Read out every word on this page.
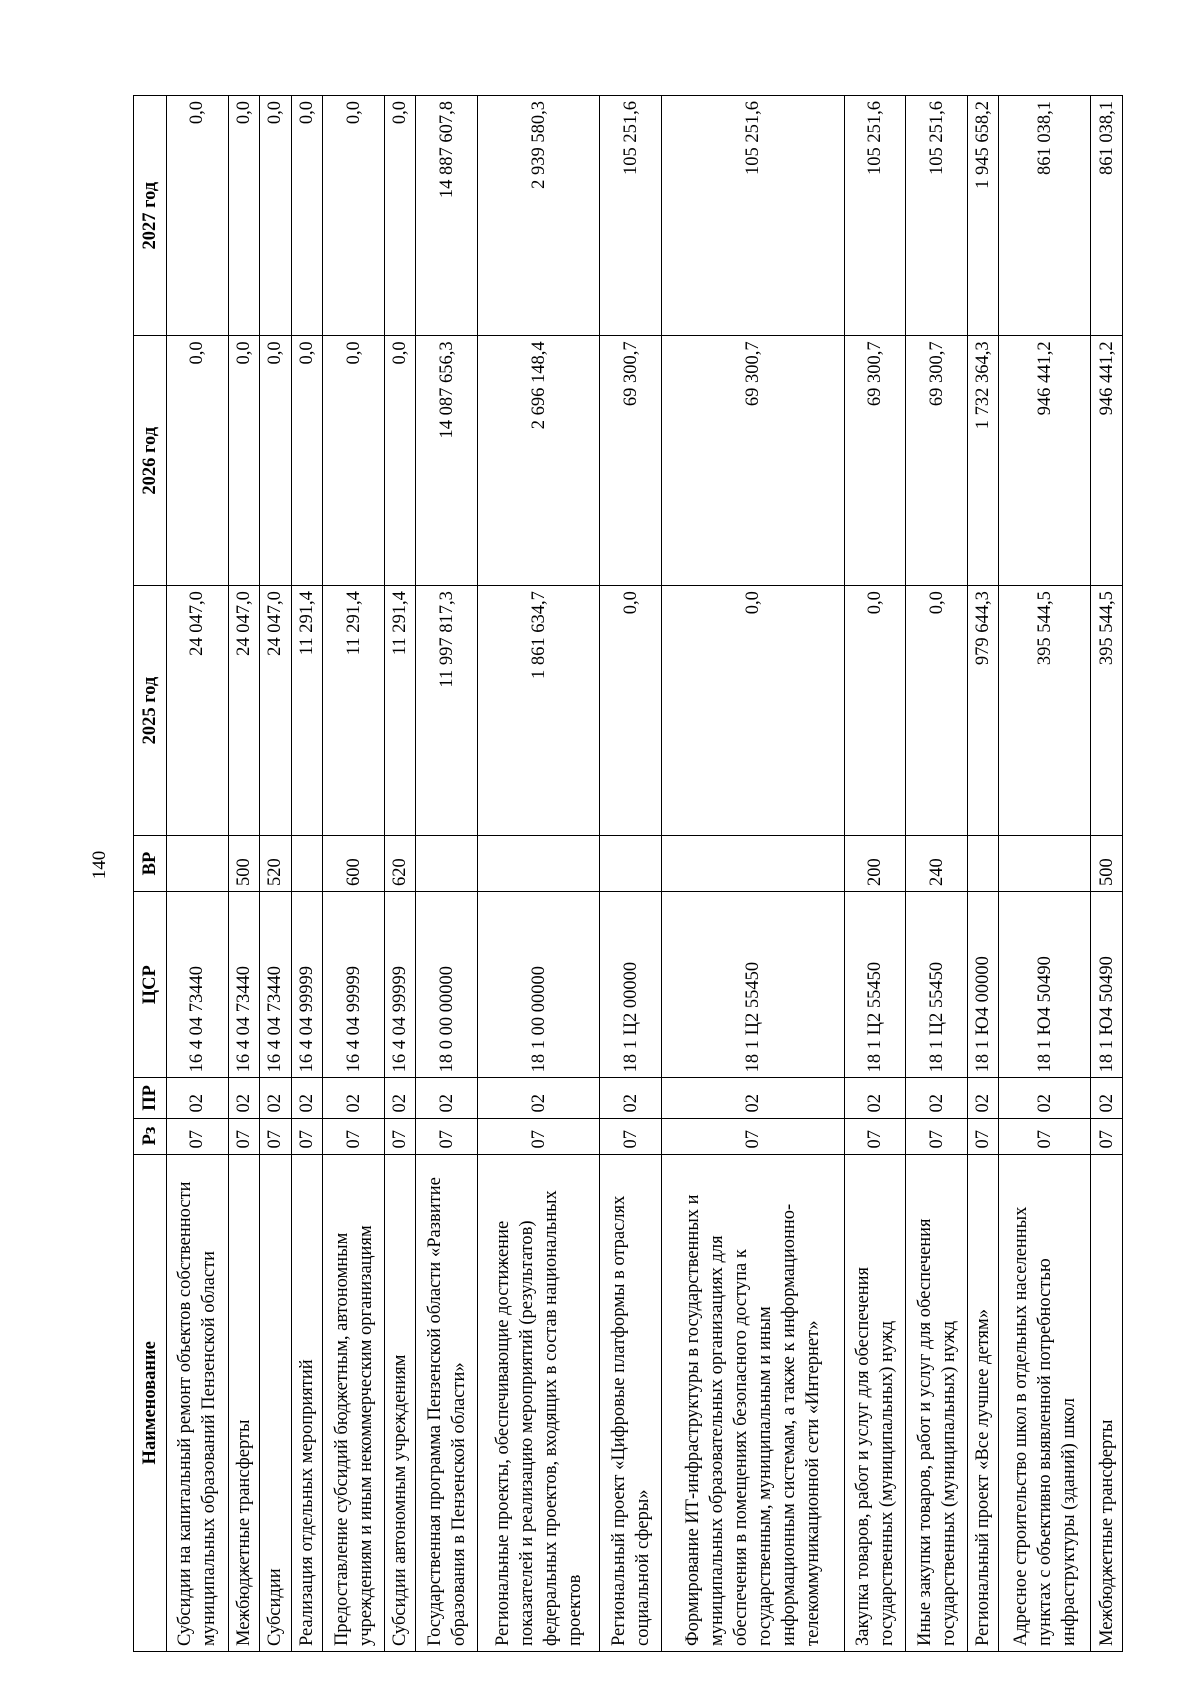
140
Наименование	Рз	ПР	ЦСР	ВР	2025 год	2026 год	2027 год
Субсидии на капитальный ремонт объектов собственности муниципальных образований Пензенской области	07	02	16 4 04 73440		24 047,0	0,0	0,0
Межбюджетные трансферты	07	02	16 4 04 73440	500	24 047,0	0,0	0,0
Субсидии	07	02	16 4 04 73440	520	24 047,0	0,0	0,0
Реализация отдельных мероприятий	07	02	16 4 04 99999		11 291,4	0,0	0,0
Предоставление субсидий бюджетным, автономным учреждениям и иным некоммерческим организациям	07	02	16 4 04 99999	600	11 291,4	0,0	0,0
Субсидии автономным учреждениям	07	02	16 4 04 99999	620	11 291,4	0,0	0,0
Государственная программа Пензенской области «Развитие образования в Пензенской области»	07	02	18 0 00 00000		11 997 817,3	14 087 656,3	14 887 607,8
Региональные проекты, обеспечивающие достижение показателей и реализацию мероприятий (результатов) федеральных проектов, входящих в состав национальных проектов	07	02	18 1 00 00000		1 861 634,7	2 696 148,4	2 939 580,3
Региональный проект «Цифровые платформы в отраслях социальной сферы»	07	02	18 1 Ц2 00000		0,0	69 300,7	105 251,6
Формирование ИТ-инфраструктуры в государственных и муниципальных образовательных организациях для обеспечения в помещениях безопасного доступа к государственным, муниципальным и иным информационным системам, а также к информационно-телекоммуникационной сети «Интернет»	07	02	18 1 Ц2 55450		0,0	69 300,7	105 251,6
Закупка товаров, работ и услуг для обеспечения государственных (муниципальных) нужд	07	02	18 1 Ц2 55450	200	0,0	69 300,7	105 251,6
Иные закупки товаров, работ и услуг для обеспечения государственных (муниципальных) нужд	07	02	18 1 Ц2 55450	240	0,0	69 300,7	105 251,6
Региональный проект «Все лучшее детям»	07	02	18 1 Ю4 00000		979 644,3	1 732 364,3	1 945 658,2
Адресное строительство школ в отдельных населенных пунктах с объективно выявленной потребностью инфраструктуры (зданий) школ	07	02	18 1 Ю4 50490		395 544,5	946 441,2	861 038,1
Межбюджетные трансферты	07	02	18 1 Ю4 50490	500	395 544,5	946 441,2	861 038,1
